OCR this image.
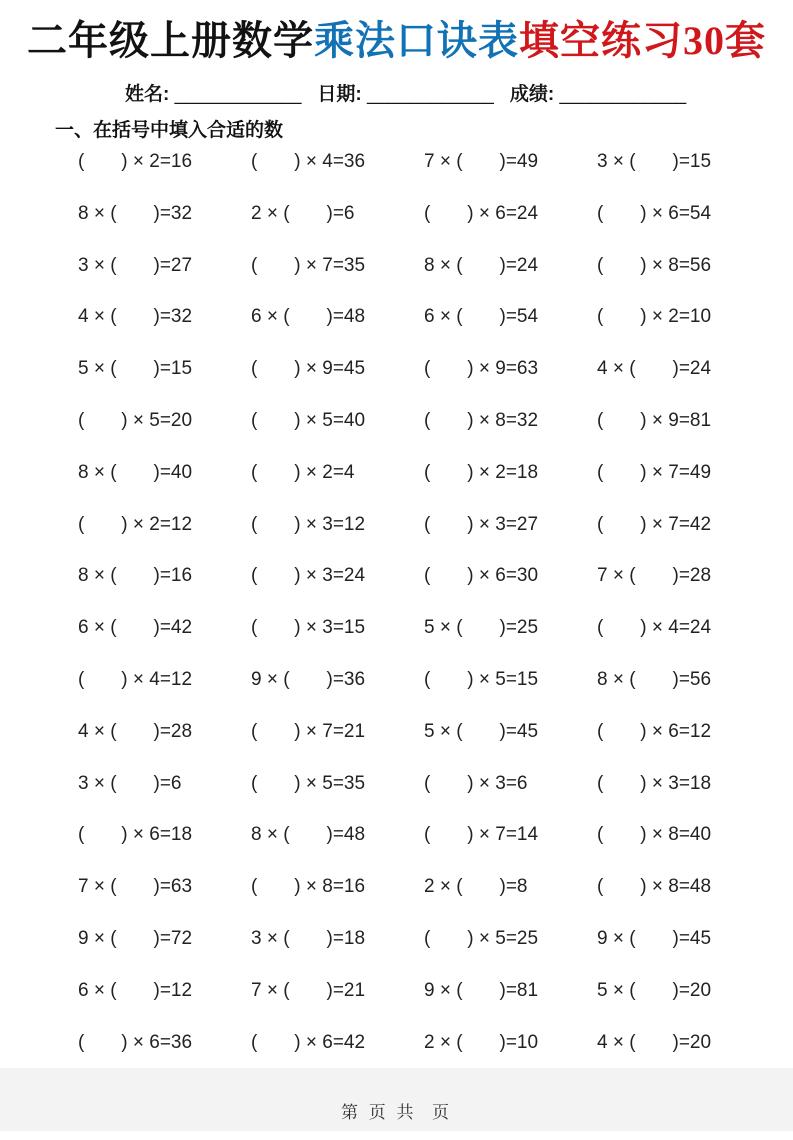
二年级上册数学乘法口诀表填空练习30套
姓名: ____________ 日期: ____________ 成绩: ____________
一、在括号中填入合适的数
(       ) × 2=16	(       ) × 4=36	7 × (       )=49	3 × (       )=15
8 × (       )=32	2 × (       )=6	(       ) × 6=24	(       ) × 6=54
3 × (       )=27	(       ) × 7=35	8 × (       )=24	(       ) × 8=56
4 × (       )=32	6 × (       )=48	6 × (       )=54	(       ) × 2=10
5 × (       )=15	(       ) × 9=45	(       ) × 9=63	4 × (       )=24
(       ) × 5=20	(       ) × 5=40	(       ) × 8=32	(       ) × 9=81
8 × (       )=40	(       ) × 2=4	(       ) × 2=18	(       ) × 7=49
(       ) × 2=12	(       ) × 3=12	(       ) × 3=27	(       ) × 7=42
8 × (       )=16	(       ) × 3=24	(       ) × 6=30	7 × (       )=28
6 × (       )=42	(       ) × 3=15	5 × (       )=25	(       ) × 4=24
(       ) × 4=12	9 × (       )=36	(       ) × 5=15	8 × (       )=56
4 × (       )=28	(       ) × 7=21	5 × (       )=45	(       ) × 6=12
3 × (       )=6	(       ) × 5=35	(       ) × 3=6	(       ) × 3=18
(       ) × 6=18	8 × (       )=48	(       ) × 7=14	(       ) × 8=40
7 × (       )=63	(       ) × 8=16	2 × (       )=8	(       ) × 8=48
9 × (       )=72	3 × (       )=18	(       ) × 5=25	9 × (       )=45
6 × (       )=12	7 × (       )=21	9 × (       )=81	5 × (       )=20
(       ) × 6=36	(       ) × 6=42	2 × (       )=10	4 × (       )=20
第 页 共  页
